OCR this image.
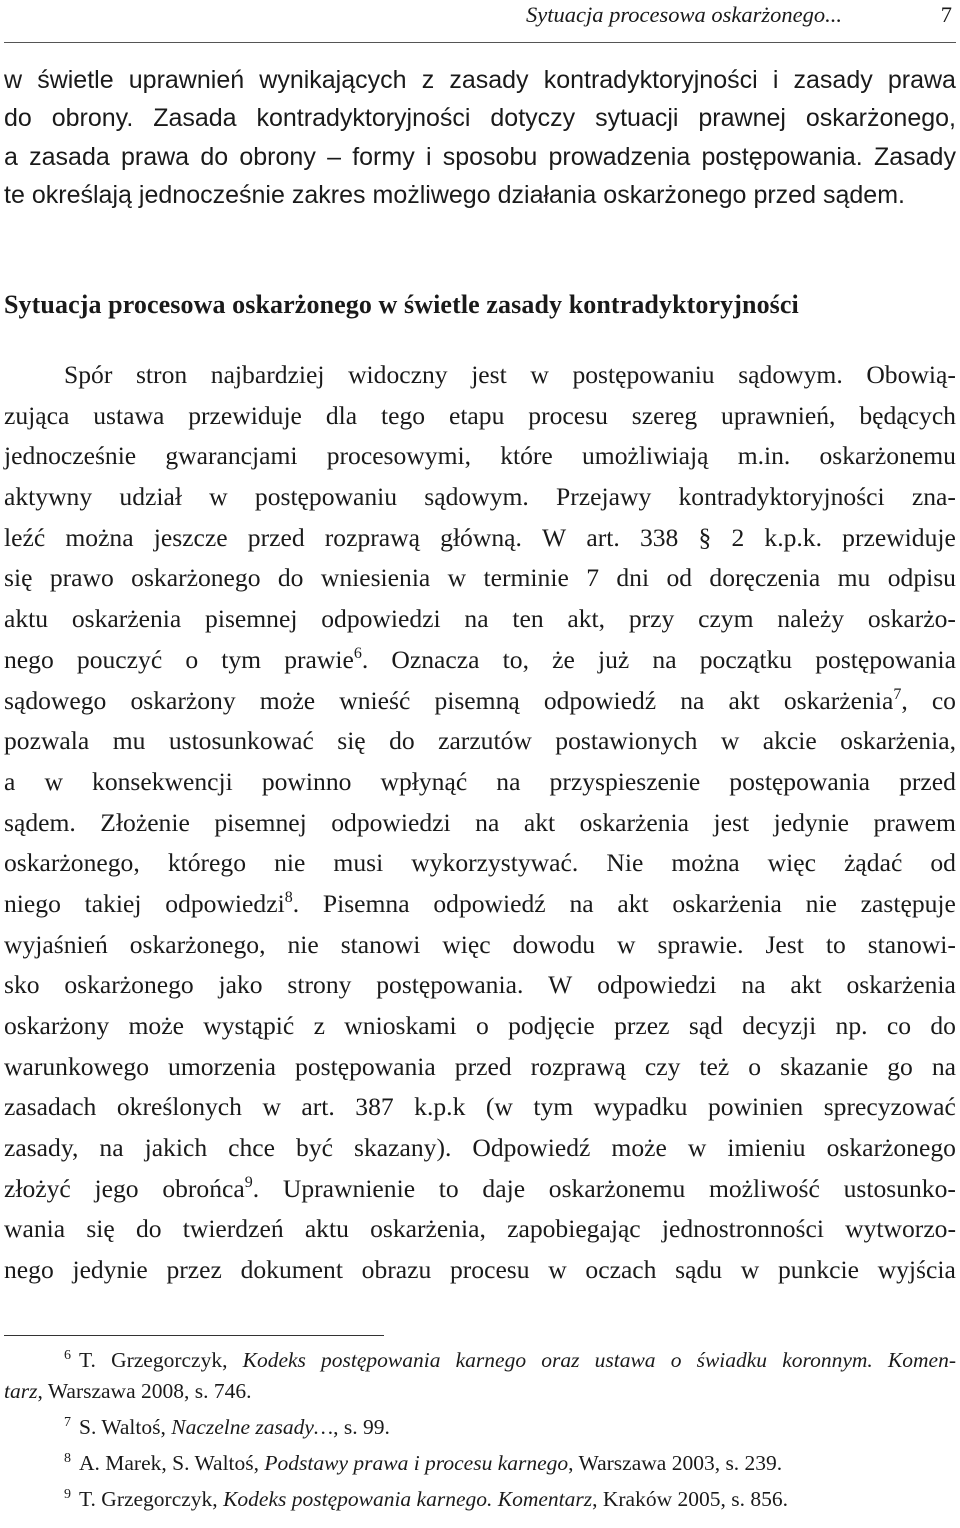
Sytuacja procesowa oskarżonego...	7
w świetle uprawnień wynikających z zasady kontradyktoryjności i zasady prawa
do obrony. Zasada kontradyktoryjności dotyczy sytuacji prawnej oskarżonego,
a zasada prawa do obrony – formy i sposobu prowadzenia postępowania. Zasady
te określają jednocześnie zakres możliwego działania oskarżonego przed sądem.
Sytuacja procesowa oskarżonego w świetle zasady kontradyktoryjności
Spór stron najbardziej widoczny jest w postępowaniu sądowym. Obowią-
zująca ustawa przewiduje dla tego etapu procesu szereg uprawnień, będących
jednocześnie gwarancjami procesowymi, które umożliwiają m.in. oskarżonemu
aktywny udział w postępowaniu sądowym. Przejawy kontradyktoryjności zna-
leźć można jeszcze przed rozprawą główną. W art. 338 § 2 k.p.k. przewiduje
się prawo oskarżonego do wniesienia w terminie 7 dni od doręczenia mu odpisu
aktu oskarżenia pisemnej odpowiedzi na ten akt, przy czym należy oskarżo-
nego pouczyć o tym prawie$^6$. Oznacza to, że już na początku postępowania
sądowego oskarżony może wnieść pisemną odpowiedź na akt oskarżenia$^7$, co
pozwala mu ustosunkować się do zarzutów postawionych w akcie oskarżenia,
a w konsekwencji powinno wpłynąć na przyspieszenie postępowania przed
sądem. Złożenie pisemnej odpowiedzi na akt oskarżenia jest jedynie prawem
oskarżonego, którego nie musi wykorzystywać. Nie można więc żądać od
niego takiej odpowiedzi$^8$. Pisemna odpowiedź na akt oskarżenia nie zastępuje
wyjaśnień oskarżonego, nie stanowi więc dowodu w sprawie. Jest to stanowi-
sko oskarżonego jako strony postępowania. W odpowiedzi na akt oskarżenia
oskarżony może wystąpić z wnioskami o podjęcie przez sąd decyzji np. co do
warunkowego umorzenia postępowania przed rozprawą czy też o skazanie go na
zasadach określonych w art. 387 k.p.k (w tym wypadku powinien sprecyzować
zasady, na jakich chce być skazany). Odpowiedź może w imieniu oskarżonego
złożyć jego obrońca$^9$. Uprawnienie to daje oskarżonemu możliwość ustosunko-
wania się do twierdzeń aktu oskarżenia, zapobiegając jednostronności wytworzo-
nego jedynie przez dokument obrazu procesu w oczach sądu w punkcie wyjścia
$^6$ T. Grzegorczyk, Kodeks postępowania karnego oraz ustawa o świadku koronnym. Komen-
tarz, Warszawa 2008, s. 746.
$^7$ S. Waltoś, Naczelne zasady…, s. 99.
$^8$ A. Marek, S. Waltoś, Podstawy prawa i procesu karnego, Warszawa 2003, s. 239.
$^9$ T. Grzegorczyk, Kodeks postępowania karnego. Komentarz, Kraków 2005, s. 856.
